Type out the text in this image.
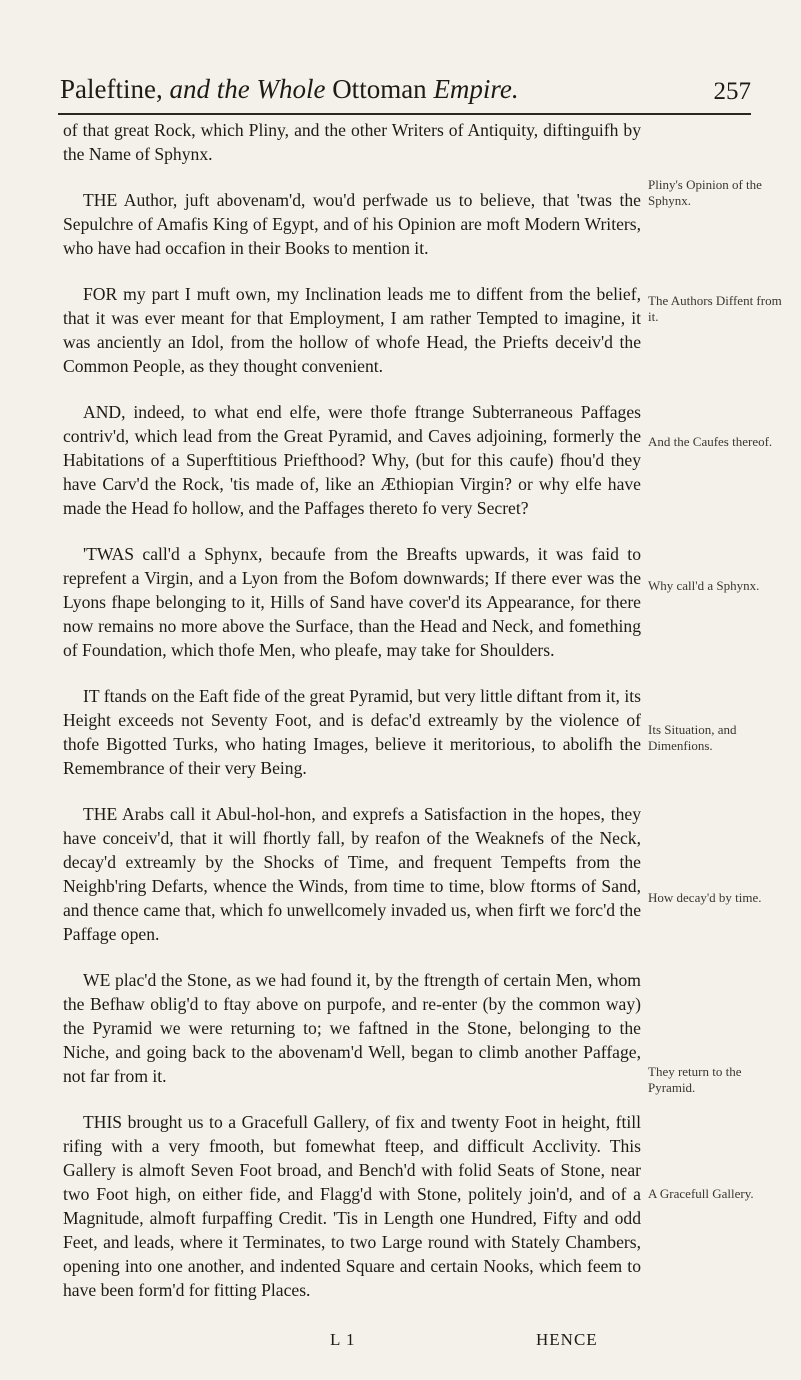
Paleftine, and the Whole Ottoman Empire.	257

of that great Rock, which Pliny, and the other Writers of Antiquity, diftinguifh by the Name of Sphynx.

THE Author, juft abovenam'd, wou'd perfwade us to believe, that 'twas the Sepulchre of Amafis King of Egypt, and of his Opinion are moft Modern Writers, who have had occafion in their Books to mention it.

FOR my part I muft own, my Inclination leads me to diffent from the belief, that it was ever meant for that Employment, I am rather Tempted to imagine, it was anciently an Idol, from the hollow of whofe Head, the Priefts deceiv'd the Common People, as they thought convenient.

AND, indeed, to what end elfe, were thofe ftrange Subterraneous Paffages contriv'd, which lead from the Great Pyramid, and Caves adjoining, formerly the Habitations of a Superftitious Priefthood? Why, (but for this caufe) fhou'd they have Carv'd the Rock, 'tis made of, like an Æthiopian Virgin? or why elfe have made the Head fo hollow, and the Paffages thereto fo very Secret?

'TWAS call'd a Sphynx, becaufe from the Breafts upwards, it was faid to reprefent a Virgin, and a Lyon from the Bofom downwards; If there ever was the Lyons fhape belonging to it, Hills of Sand have cover'd its Appearance, for there now remains no more above the Surface, than the Head and Neck, and fomething of Foundation, which thofe Men, who pleafe, may take for Shoulders.

IT ftands on the Eaft fide of the great Pyramid, but very little diftant from it, its Height exceeds not Seventy Foot, and is defac'd extreamly by the violence of thofe Bigotted Turks, who hating Images, believe it meritorious, to abolifh the Remembrance of their very Being.

THE Arabs call it Abul-hol-hon, and exprefs a Satisfaction in the hopes, they have conceiv'd, that it will fhortly fall, by reafon of the Weaknefs of the Neck, decay'd extreamly by the Shocks of Time, and frequent Tempefts from the Neighb'ring Defarts, whence the Winds, from time to time, blow ftorms of Sand, and thence came that, which fo unwellcomely invaded us, when firft we forc'd the Paffage open.

WE plac'd the Stone, as we had found it, by the ftrength of certain Men, whom the Befhaw oblig'd to ftay above on purpofe, and re-enter (by the common way) the Pyramid we were returning to; we faftned in the Stone, belonging to the Niche, and going back to the abovenam'd Well, began to climb another Paffage, not far from it.

THIS brought us to a Gracefull Gallery, of fix and twenty Foot in height, ftill rifing with a very fmooth, but fomewhat fteep, and difficult Acclivity. This Gallery is almoft Seven Foot broad, and Bench'd with folid Seats of Stone, near two Foot high, on either fide, and Flagg'd with Stone, politely join'd, and of a Magnitude, almoft furpaffing Credit. 'Tis in Length one Hundred, Fifty and odd Feet, and leads, where it Terminates, to two Large round with Stately Chambers, opening into one another, and indented Square and certain Nooks, which feem to have been form'd for fitting Places.

Pliny's Opinion of the Sphynx.
The Authors Diffent from it.
And the Caufes thereof.
Why call'd a Sphynx.
Its Situation, and Dimenfions.
How decay'd by time.
They return to the Pyramid.
A Gracefull Gallery.
L 1	HENCE
